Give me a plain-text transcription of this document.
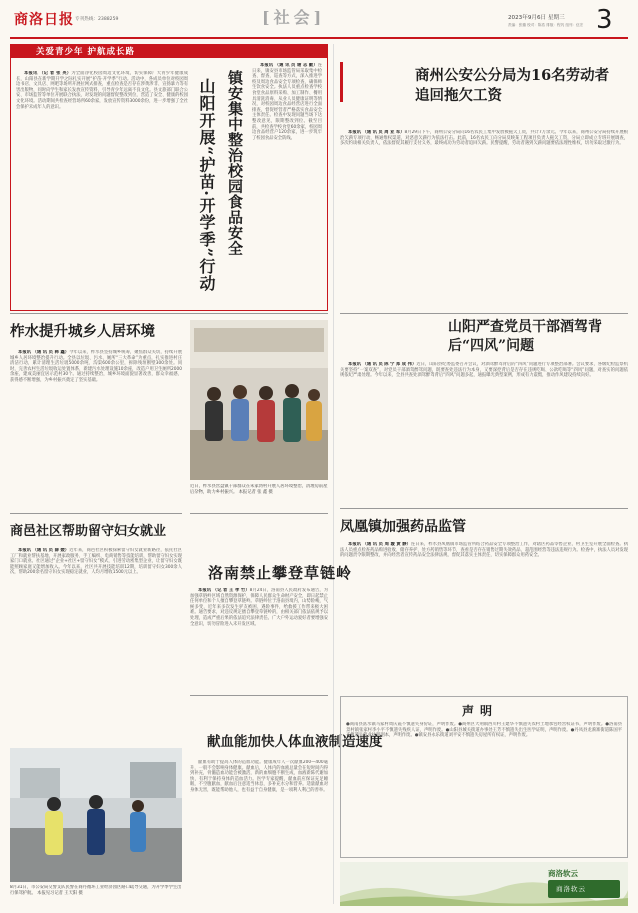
商洛日报 专刊热线：2388259	[社会]	2023年9月6日 星期三
责编：张璐 校对：陈浩 排版：程芮 组刊：伍宏 3
关爱青少年 护航成长路

本报讯 （记 者 张 英）为全面净化校园周边文化环境，切实保障广大青少年健康成长，山阳县在新学期开学之际扎实开展“护苗·开学季”行动。活动中，各成员单位对校园周边书店、文具店、网吧等场所开展拉网式排查，重点检查是否存在涉黄涉非、宣扬暴力等有害出版物，同时向学生和家长发放宣传资料，引导青少年远离不良文化。县文旅部门联合公安、市场监管等单位开展联合执法，对发现的问题督促整改到位，营造了安全、健康的校园文化环境。活动期间共检查经营场所60余家，发放宣传资料3000余份，进一步增强了全社会保护未成年人的意识。	山阳开展“护苗·开学季”行动 镇安集中整治校园食品安全

本报讯 （通 讯 员 谢 志 勤）连日来，镇安县市场监管局采取集中检查、督查、巡查等方式，深入推进学校及周边食品安全专项检查，确保师生饮食安全。执法人员重点检查学校食堂食品原料采购、加工制作、餐用具清洗消毒、从业人员健康证明等情况，对校园周边食品经营店进行全面排查，督促经营者严格落实食品安全主体责任。检查中发现问题当场下达整改意见，限期整改到位。截至目前，共检查学校食堂60余家，校园周边食品经营户120余家，进一步筑牢了校园食品安全防线。

商州公安公分局为16名劳动者追回拖欠工资

本报讯 （通 讯 员 周 亚 军）8月29日下午，商州公安分局向16名农民工集中发放被拖欠工资，共计7万余元。今年以来，商州公安分局持续开展根治欠薪专项行动，畅通维权渠道，对恶意欠薪行为依法打击。此前，16名农民工向分局反映某工程项目负责人拖欠工资，分局立即成立专班开展调查，多次约谈相关负责人，依法督促其履行支付义务，最终成功为劳动者追回欠薪。民警提醒，劳动者遇到欠薪问题要依法理性维权，切勿采取过激行为。

柞水提升城乡人居环境

本报讯 （通 讯 员 韩 鑫）今年以来，柞水县坚持城乡统筹，聚焦群众关切，持续开展城乡人居环境整治提升行动。全县以垃圾、污水、厕所“三大革命”为重点，扎实推进村庄清洁行动，累计清理生活垃圾5000余吨、沟渠600余公里，拆除残垣断壁300余处。同时，完善农村生活垃圾收运处置体系，新建污水处理设施10余座，改造户用卫生厕所2000余座，建成美丽宜居示范村30个。通过持续整治，城乡环境面貌显著改善，群众幸福感、获得感不断增强，为乡村振兴奠定了坚实基础。

近日，柞水县营盘镇干部群众在朱家湾村开展人居环境整治，清理房前屋后杂物，助力乡村振兴。 本报记者 张 鑫 摄
山阳严查党员干部酒驾背后“四风”问题

本报讯 （通 讯 员 陈 宁 郑 成 伟）近日，山阳县纪委监委召开会议，对酒驾醉驾背后的“四风”问题进行专项整治部署。会议要求，各级纪检监察机关要坚持“一案双查”，对党员干部酒驾醉驾问题，既要查处违法行为本身，又要深挖背后是否存在违规吃喝、公款吃喝等“四风”问题，对查实的问题依规依纪严肃处理。今年以来，全县共查处酒驾醉驾背后“四风”问题多起，通报曝光典型案例，形成有力震慑，推动作风建设持续向好。

商邑社区帮助留守妇女就业

本报讯 （通 讯 员 薛 媛）近年来，商邑社区积极探索留守妇女就业新路径，依托社区工厂和就业帮扶基地，开展家政服务、手工编织、电商销售等技能培训，帮助留守妇女实现家门口就业。社区通过“企业+社区+留守妇女”模式，引进劳动密集型企业，让留守妇女既能照顾家庭又能增加收入。今年以来，社区共开展技能培训12期，培训留守妇女300余人次，帮助200余名留守妇女实现稳定就业，人均月增收1500元以上。	洛南禁止攀登草链岭

本报讯 （记 者 王 孝 竹）8月24日，洛南县人民政府发布通告，为加强草链岭区域自然资源保护，保障人民群众生命财产安全，即日起禁止任何单位和个人擅自攀登草链岭。草链岭位于洛南县境内，山势险峻，气候多变，近年来多次发生驴友被困、遇险事件，给救援工作带来极大困难。通告要求，对违反规定擅自攀登草链岭的，由相关部门依法依规予以处理，造成严重后果的依法追究法律责任。广大户外运动爱好者要增强安全意识，切勿冒险进入未开发区域。

凤凰镇加强药品监管

本报讯 （通 讯 员 周 璇 黄 静）连日来，柞水县凤凰镇市场监管所结合药品安全专项整治工作，对辖区药品零售企业、村卫生室开展全面检查。执法人员重点检查药品购进验收、储存养护、处方药销售等环节，查看是否存在销售过期失效药品、超范围经营等违法违规行为。检查中，执法人员对发现的问题责令限期整改，并向经营者宣传药品安全法律法规，督促其落实主体责任，切实保障群众用药安全。

8月31日，市公安局交警支队民警在商丹循环工业经济园区路口疏导交通，为开学季学生出行保驾护航。 本报见习记者 王天阳 摄
献血能加快人体血液制造速度

献血有助于提高人体的造血功能。健康成年人一次献血200—400毫升，一般不会影响身体健康。献血后，人体内的血液总量会在短时间内得到补充，骨髓造血功能会被激活，新的血细胞不断生成，血液新陈代谢加快，有利于保持身体的造血活力。医学专家提醒，献血前应保证充足睡眠，不空腹献血，献血后注意适当休息，多补充水分和营养。适量献血对身体无害，既能帮助他人，也有益于自身健康，是一项利人利己的善举。

声明
●商南县富水镇马家村周庆霞不慎遗失身份证，声明作废。●商州区大荆镇西川村王建华不慎遗失农村土地承包经营权证书，声明作废。●洛南县景村镇张家村李小平不慎遗失残疾人证，声明作废。●山阳县城关街道办事处王芳不慎遗失出生医学证明，声明作废。●丹凤县龙驹寨街道陈国平不慎遗失营业执照副本，声明作废。●镇安县永乐街道刘平安不慎遗失房屋所有权证，声明作废。
商洛软云
商洛软云
